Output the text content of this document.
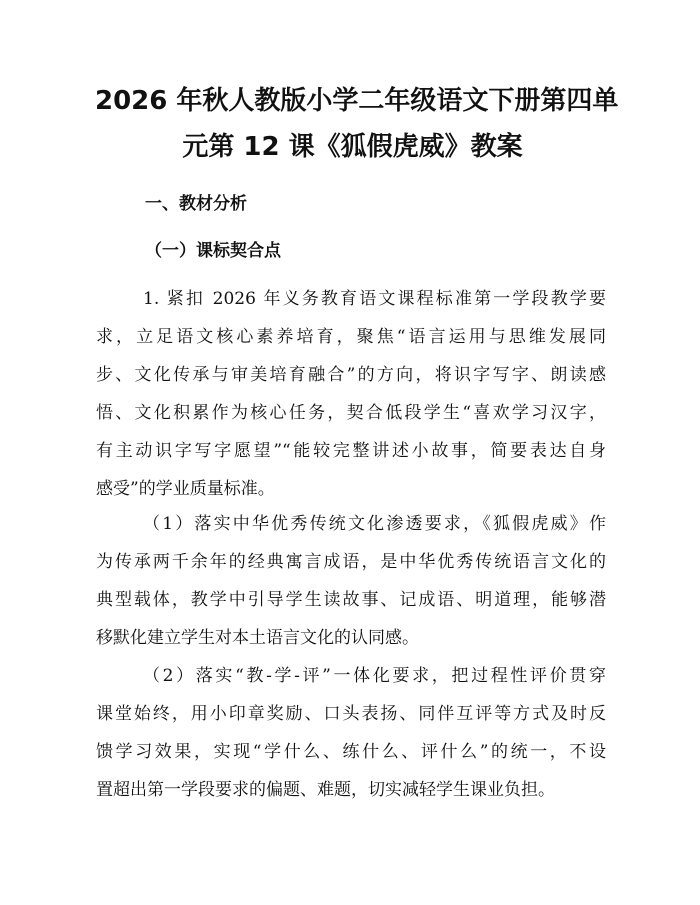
2026 年秋人教版小学二年级语文下册第四单
元第 12 课《狐假虎威》教案
一、教材分析
（一）课标契合点

1. 紧扣 2026 年义务教育语文课程标准第一学段教学要
求，立足语文核心素养培育，聚焦“语言运用与思维发展同
步、文化传承与审美培育融合”的方向，将识字写字、朗读感
悟、文化积累作为核心任务，契合低段学生“喜欢学习汉字，
有主动识字写字愿望”“能较完整讲述小故事，简要表达自身
感受”的学业质量标准。

（1）落实中华优秀传统文化渗透要求，《狐假虎威》作
为传承两千余年的经典寓言成语，是中华优秀传统语言文化的
典型载体，教学中引导学生读故事、记成语、明道理，能够潜
移默化建立学生对本土语言文化的认同感。

（2）落实“教-学-评”一体化要求，把过程性评价贯穿
课堂始终，用小印章奖励、口头表扬、同伴互评等方式及时反
馈学习效果，实现“学什么、练什么、评什么”的统一，不设
置超出第一学段要求的偏题、难题，切实减轻学生课业负担。
